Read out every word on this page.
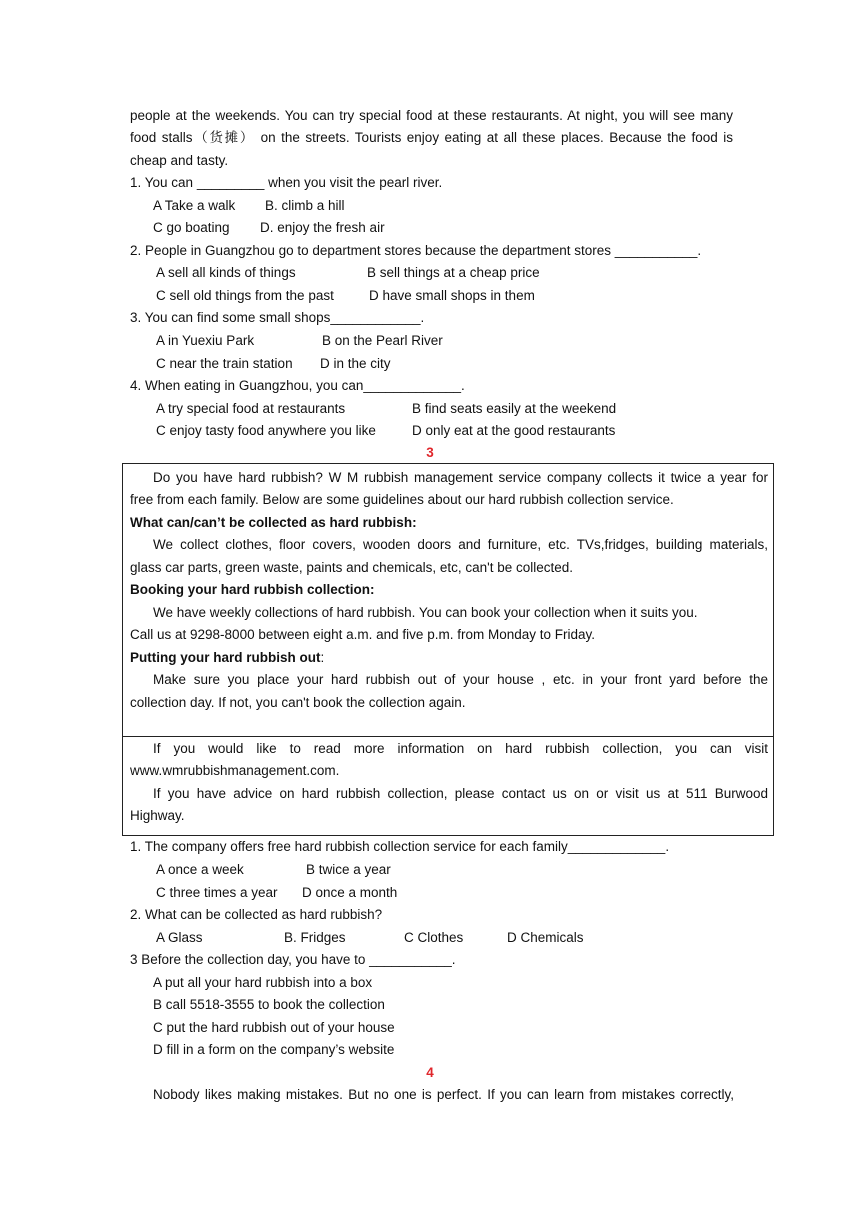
people at the weekends. You can try special food at these restaurants. At night, you will see many
food stalls（货摊） on the streets. Tourists enjoy eating at all these places. Because the food is
cheap and tasty.
1. You can _________ when you visit the pearl river.
A Take a walk B. climb a hill
C go boating D. enjoy the fresh air
2. People in Guangzhou go to department stores because the department stores ___________.
A sell all kinds of things	B sell things at a cheap price
C sell old things from the past	D have small shops in them
3. You can find some small shops____________.
A in Yuexiu Park	B on the Pearl River
C near the train station D in the city
4. When eating in Guangzhou, you can_____________.
A try special food at restaurants	B find seats easily at the weekend
C enjoy tasty food anywhere you like	D only eat at the good restaurants
3
Do you have hard rubbish? W M rubbish management service company collects it twice a year for
free from each family. Below are some guidelines about our hard rubbish collection service.
What can/can’t be collected as hard rubbish:
We collect clothes, floor covers, wooden doors and furniture, etc. TVs,fridges, building materials,
glass car parts, green waste, paints and chemicals, etc, can't be collected.
Booking your hard rubbish collection:
We have weekly collections of hard rubbish. You can book your collection when it suits you.
Call us at 9298-8000 between eight a.m. and five p.m. from Monday to Friday.
Putting your hard rubbish out:
Make sure you place your hard rubbish out of your house , etc. in your front yard before the
collection day. If not, you can't book the collection again.
If you would like to read more information on hard rubbish collection, you can visit
www.wmrubbishmanagement.com.
If you have advice on hard rubbish collection, please contact us on or visit us at 511 Burwood
Highway.
1. The company offers free hard rubbish collection service for each family_____________.
A once a week	B twice a year
C three times a year D once a month
2. What can be collected as hard rubbish?
A Glass	B. Fridges	C Clothes	D Chemicals
3 Before the collection day, you have to ___________.
A put all your hard rubbish into a box
B call 5518-3555 to book the collection
C put the hard rubbish out of your house
D fill in a form on the company’s website
4
Nobody likes making mistakes. But no one is perfect. If you can learn from mistakes correctly,
